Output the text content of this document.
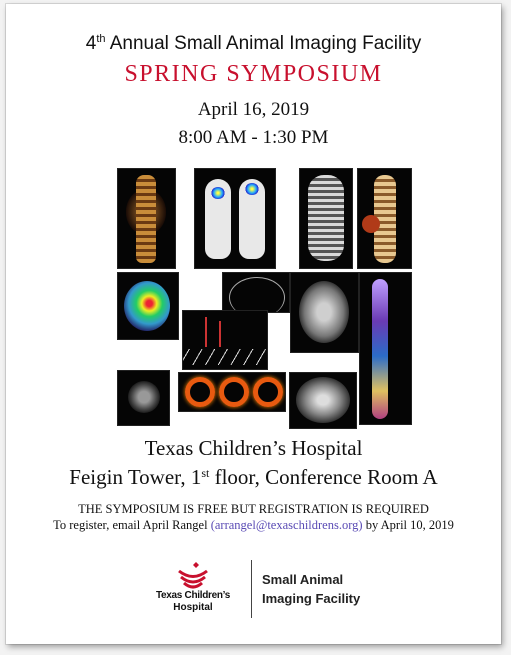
4th Annual Small Animal Imaging Facility
SPRING SYMPOSIUM
April 16, 2019
8:00 AM - 1:30 PM
Texas Children’s Hospital
Feigin Tower, 1st floor, Conference Room A
THE SYMPOSIUM IS FREE BUT REGISTRATION IS REQUIRED
To register, email April Rangel (arrangel@texaschildrens.org) by April 10, 2019
Texas Children’s
Hospital
Small Animal
Imaging Facility
